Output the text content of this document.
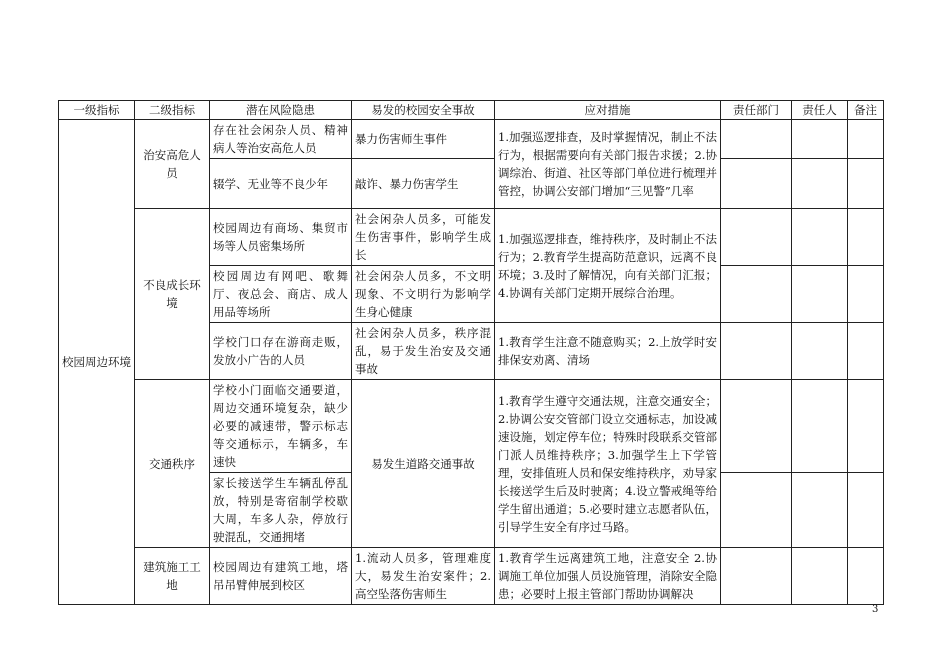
一级指标	二级指标	潜在风险隐患	易发的校园安全事故	应对措施	责任部门	责任人	备注
校园周边环境	治安高危人员	存在社会闲杂人员、精神病人等治安高危人员	暴力伤害师生事件	1.加强巡逻排查，及时掌握情况，制止不法行为，根据需要向有关部门报告求援；2.协调综治、街道、社区等部门单位进行梳理并管控，协调公安部门增加“三见警”几率			
		辍学、无业等不良少年	敲诈、暴力伤害学生				
	不良成长环境	校园周边有商场、集贸市场等人员密集场所	社会闲杂人员多，可能发生伤害事件，影响学生成长	1.加强巡逻排查，维持秩序，及时制止不法行为；2.教育学生提高防范意识，远离不良环境；3.及时了解情况，向有关部门汇报；4.协调有关部门定期开展综合治理。			
		校园周边有网吧、歌舞厅、夜总会、商店、成人用品等场所	社会闲杂人员多，不文明现象、不文明行为影响学生身心健康				
		学校门口存在游商走贩，发放小广告的人员	社会闲杂人员多，秩序混乱，易于发生治安及交通事故	1.教育学生注意不随意购买；2.上放学时安排保安劝离、清场			
	交通秩序	学校小门面临交通要道，周边交通环境复杂，缺少必要的减速带，警示标志等交通标示，车辆多，车速快	易发生道路交通事故	1.教育学生遵守交通法规，注意交通安全；2.协调公安交管部门设立交通标志，加设减速设施，划定停车位；特殊时段联系交管部门派人员维持秩序；3.加强学生上下学管理，安排值班人员和保安维持秩序，劝导家长接送学生后及时驶离；4.设立警戒绳等给学生留出通道；5.必要时建立志愿者队伍，引导学生安全有序过马路。			
		家长接送学生车辆乱停乱放，特别是寄宿制学校歇大周，车多人杂，停放行驶混乱，交通拥堵					
	建筑施工工地	校园周边有建筑工地，塔吊吊臂伸展到校区	1.流动人员多，管理难度大，易发生治安案件；2.高空坠落伤害师生	1.教育学生远离建筑工地，注意安全 2.协调施工单位加强人员设施管理，消除安全隐患；必要时上报主管部门帮助协调解决			
3
